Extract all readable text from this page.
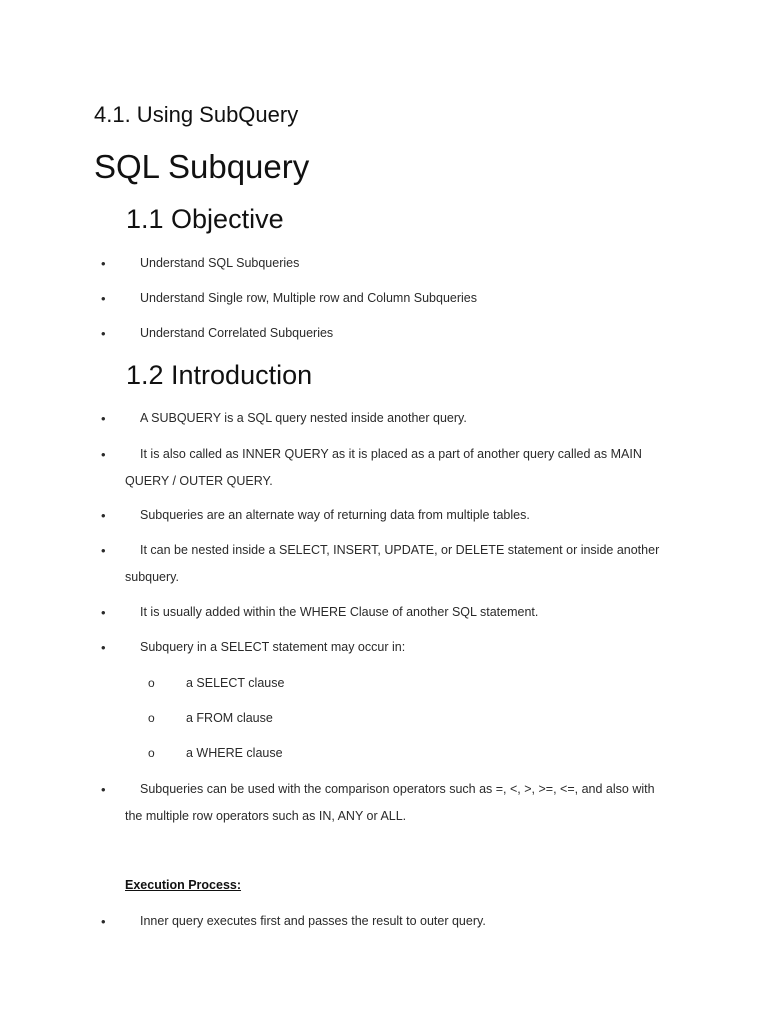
4.1. Using SubQuery
SQL Subquery
1.1 Objective
•	Understand SQL Subqueries
•	Understand Single row, Multiple row and Column Subqueries
•	Understand Correlated Subqueries
1.2 Introduction
•	A SUBQUERY is a SQL query nested inside another query.
•	It is also called as INNER QUERY as it is placed as a part of another query called as MAIN QUERY / OUTER QUERY.
•	Subqueries are an alternate way of returning data from multiple tables.
•	It can be nested inside a SELECT, INSERT, UPDATE, or DELETE statement or inside another subquery.
•	It is usually added within the WHERE Clause of another SQL statement.
•	Subquery in a SELECT statement may occur in:
o	a SELECT clause
o	a FROM clause
o	a WHERE clause
•	Subqueries can be used with the comparison operators such as =, <, >, >=, <=, and also with the multiple row operators such as IN, ANY or ALL.
Execution Process:
•	Inner query executes first and passes the result to outer query.
